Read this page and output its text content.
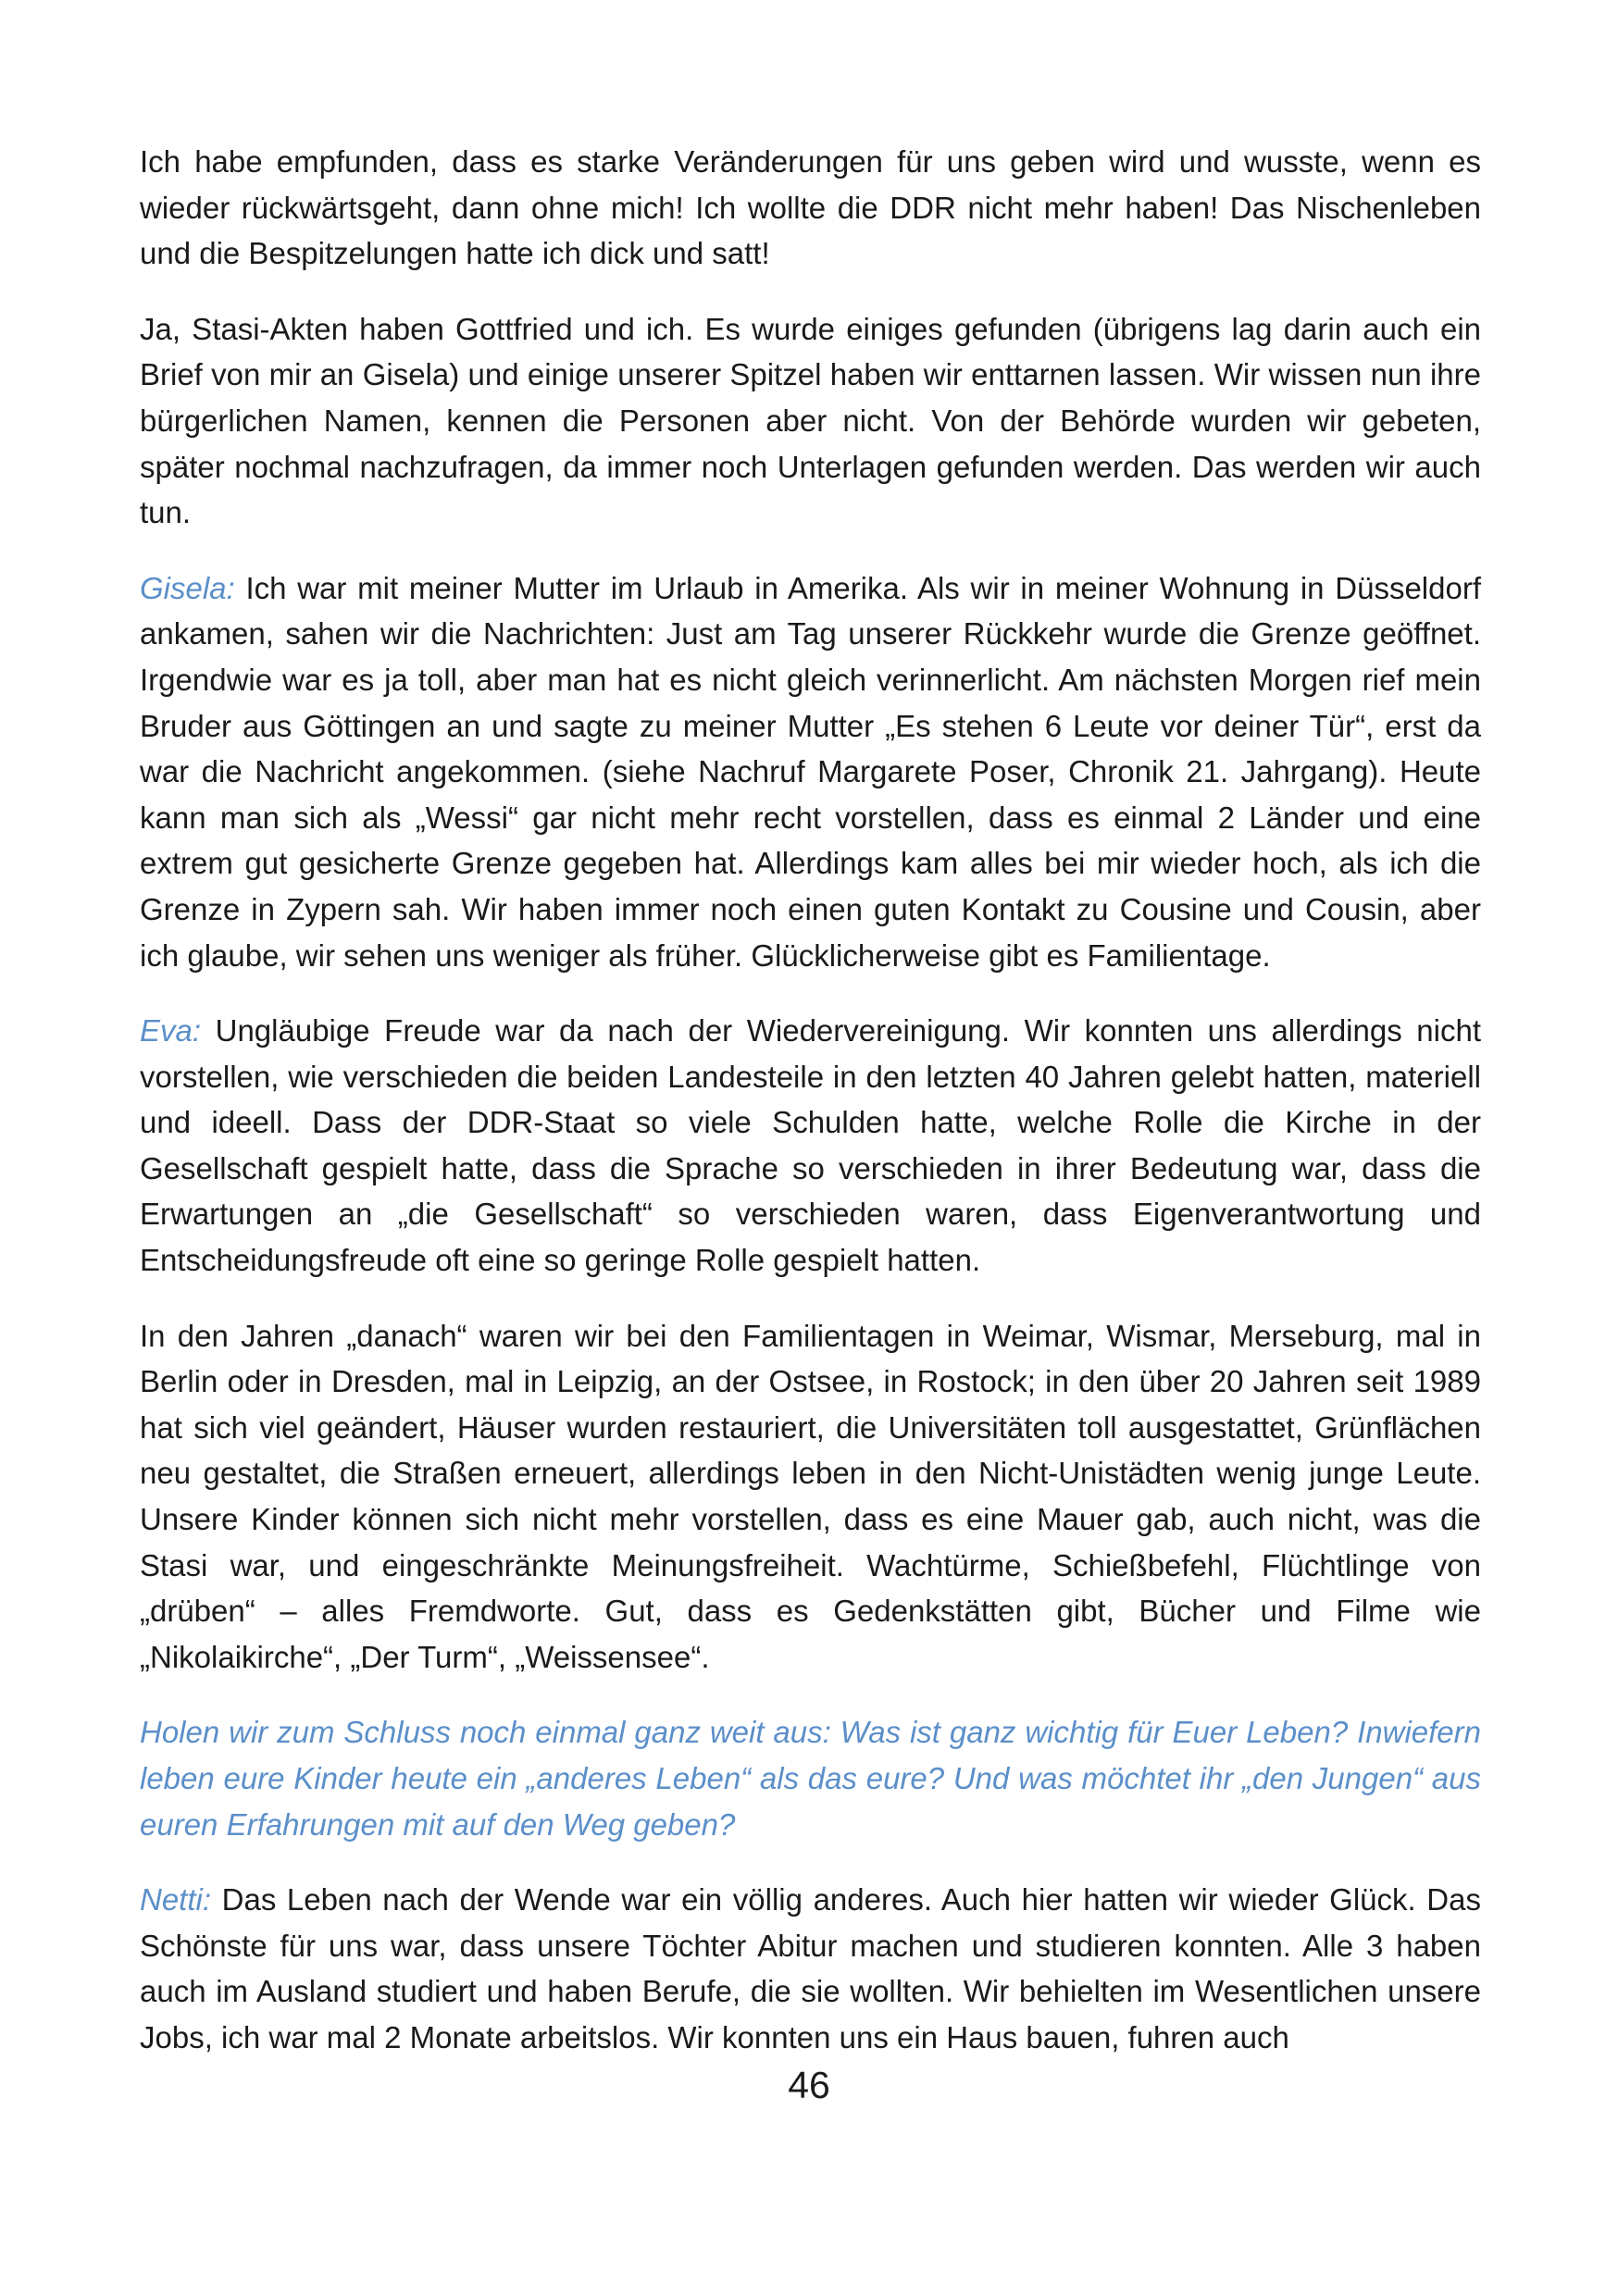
Ich habe empfunden, dass es starke Veränderungen für uns geben wird und wusste, wenn es wieder rückwärtsgeht, dann ohne mich! Ich wollte die DDR nicht mehr haben! Das Nischenleben und die Bespitzelungen hatte ich dick und satt!

Ja, Stasi-Akten haben Gottfried und ich. Es wurde einiges gefunden (übrigens lag darin auch ein Brief von mir an Gisela) und einige unserer Spitzel haben wir enttarnen lassen. Wir wissen nun ihre bürgerlichen Namen, kennen die Personen aber nicht. Von der Behörde wurden wir gebeten, später nochmal nachzufragen, da immer noch Unterlagen gefunden werden. Das werden wir auch tun.

Gisela: Ich war mit meiner Mutter im Urlaub in Amerika. Als wir in meiner Wohnung in Düsseldorf ankamen, sahen wir die Nachrichten: Just am Tag unserer Rückkehr wurde die Grenze geöffnet. Irgendwie war es ja toll, aber man hat es nicht gleich verinnerlicht. Am nächsten Morgen rief mein Bruder aus Göttingen an und sagte zu meiner Mutter „Es stehen 6 Leute vor deiner Tür“, erst da war die Nachricht angekommen. (siehe Nachruf Margarete Poser, Chronik 21. Jahrgang). Heute kann man sich als „Wessi“ gar nicht mehr recht vorstellen, dass es einmal 2 Länder und eine extrem gut gesicherte Grenze gegeben hat. Allerdings kam alles bei mir wieder hoch, als ich die Grenze in Zypern sah. Wir haben immer noch einen guten Kontakt zu Cousine und Cousin, aber ich glaube, wir sehen uns weniger als früher. Glücklicherweise gibt es Familientage.

Eva: Ungläubige Freude war da nach der Wiedervereinigung. Wir konnten uns allerdings nicht vorstellen, wie verschieden die beiden Landesteile in den letzten 40 Jahren gelebt hatten, materiell und ideell. Dass der DDR-Staat so viele Schulden hatte, welche Rolle die Kirche in der Gesellschaft gespielt hatte, dass die Sprache so verschieden in ihrer Bedeutung war, dass die Erwartungen an „die Gesellschaft“ so verschieden waren, dass Eigenverantwortung und Entscheidungsfreude oft eine so geringe Rolle gespielt hatten.

In den Jahren „danach“ waren wir bei den Familientagen in Weimar, Wismar, Merseburg, mal in Berlin oder in Dresden, mal in Leipzig, an der Ostsee, in Rostock; in den über 20 Jahren seit 1989 hat sich viel geändert, Häuser wurden restauriert, die Universitäten toll ausgestattet, Grünflächen neu gestaltet, die Straßen erneuert, allerdings leben in den Nicht-Unistädten wenig junge Leute. Unsere Kinder können sich nicht mehr vorstellen, dass es eine Mauer gab, auch nicht, was die Stasi war, und eingeschränkte Meinungsfreiheit. Wachtürme, Schießbefehl, Flüchtlinge von „drüben“ – alles Fremdworte. Gut, dass es Gedenkstätten gibt, Bücher und Filme wie „Nikolaikirche“, „Der Turm“, „Weissensee“.

Holen wir zum Schluss noch einmal ganz weit aus: Was ist ganz wichtig für Euer Leben? Inwiefern leben eure Kinder heute ein „anderes Leben“ als das eure? Und was möchtet ihr „den Jungen“ aus euren Erfahrungen mit auf den Weg geben?

Netti: Das Leben nach der Wende war ein völlig anderes. Auch hier hatten wir wieder Glück. Das Schönste für uns war, dass unsere Töchter Abitur machen und studieren konnten. Alle 3 haben auch im Ausland studiert und haben Berufe, die sie wollten. Wir behielten im Wesentlichen unsere Jobs, ich war mal 2 Monate arbeitslos. Wir konnten uns ein Haus bauen, fuhren auch

46
